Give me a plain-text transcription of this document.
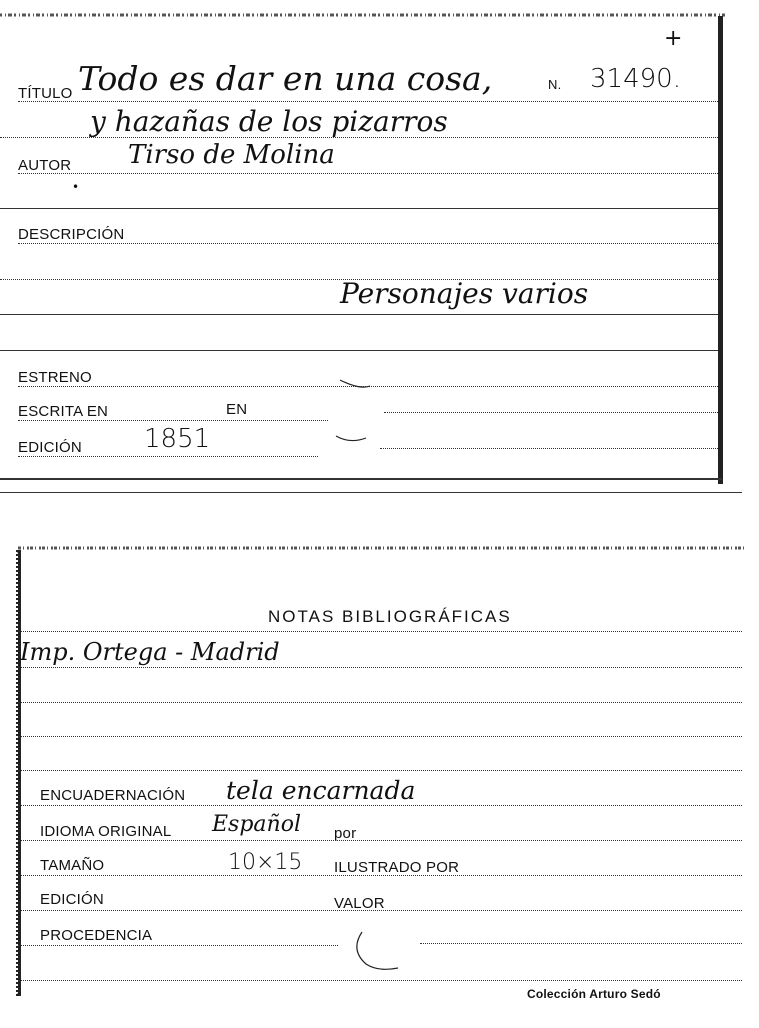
+
TÍTULO Todo es dar en una cosa,	N. 31490.
y hazañas de los pizarros
AUTOR Tirso de Molina
•
DESCRIPCIÓN
Personajes varios
ESTRENO
ESCRITA EN	EN
EDICIÓN 1851
NOTAS BIBLIOGRÁFICAS
Imp. Ortega - Madrid
ENCUADERNACIÓN tela encarnada
IDIOMA ORIGINAL Español por
TAMAÑO	10×15 ILUSTRADO POR
EDICIÓN	VALOR
PROCEDENCIA
Colección Arturo Sedó
